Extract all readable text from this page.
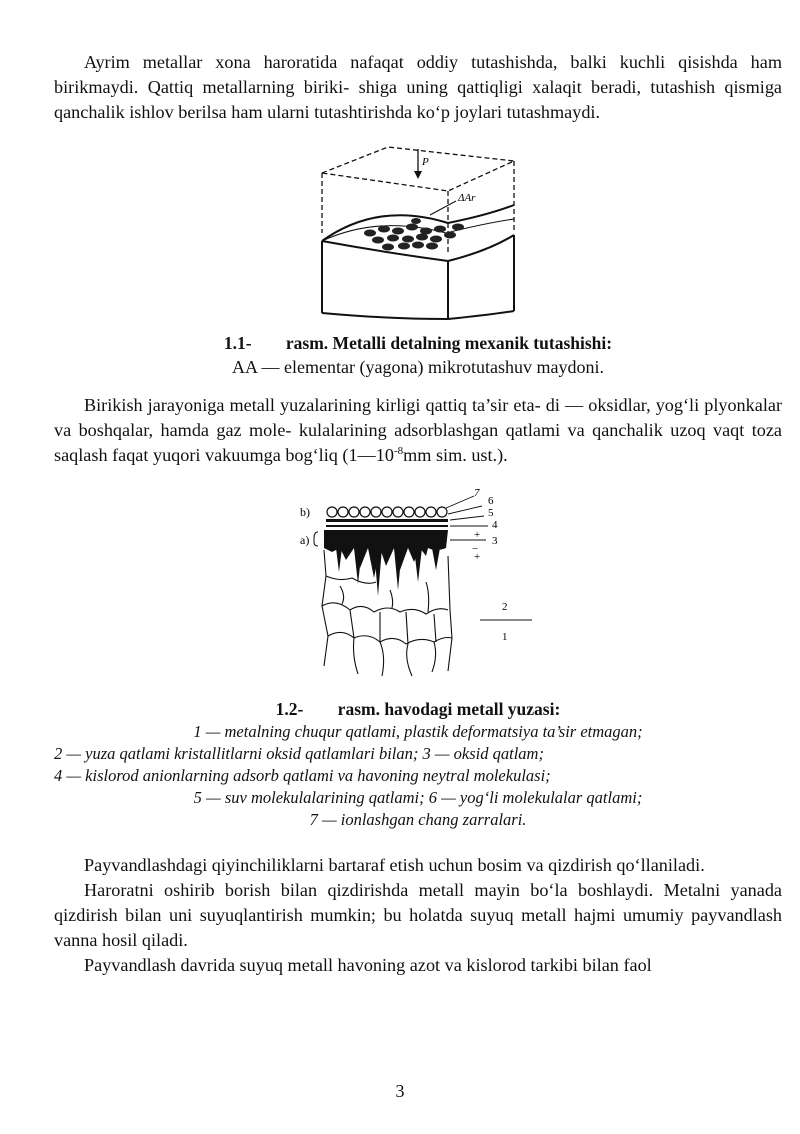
Ayrim metallar xona haroratida nafaqat oddiy tutashishda, balki kuchli qisishda ham birikmaydi. Qattiq metallarning biriki- shiga uning qattiqligi xalaqit beradi, tutashish qismiga qanchalik ishlov berilsa ham ularni tutashtirishda ko‘p joylari tutashmaydi.

P
ΔAr
1.1- rasm. Metalli detalning mexanik tutashishi:
AA — elementar (yagona) mikrotutashuv maydoni.

Birikish jarayoniga metall yuzalarining kirligi qattiq ta’sir eta- di — oksidlar, yog‘li plyonkalar va boshqalar, hamda gaz mole- kulalarining adsorblashgan qatlami va qanchalik uzoq vaqt toza saqlash faqat yuqori vakuumga bog‘liq ($1—10^{-8}mm$ sim. ust.).

b)
a)
7
6
5
4
+ 3
−
+
2
1
1.2- rasm. havodagi metall yuzasi:
1 — metalning chuqur qatlami, plastik deformatsiya ta’sir etmagan;
2 — yuza qatlami kristallitlarni oksid qatlamlari bilan; 3 — oksid qatlam;
4 — kislorod anionlarning adsorb qatlami va havoning neytral molekulasi;
5 — suv molekulalarining qatlami; 6 — yog‘li molekulalar qatlami;
7 — ionlashgan chang zarralari.

Payvandlashdagi qiyinchiliklarni bartaraf etish uchun bosim va qizdirish qo‘llaniladi.

Haroratni oshirib borish bilan qizdirishda metall mayin bo‘la boshlaydi. Metalni yanada qizdirish bilan uni suyuqlantirish mumkin; bu holatda suyuq metall hajmi umumiy payvandlash vanna hosil qiladi.

Payvandlash davrida suyuq metall havoning azot va kislorod tarkibi bilan faol

3
